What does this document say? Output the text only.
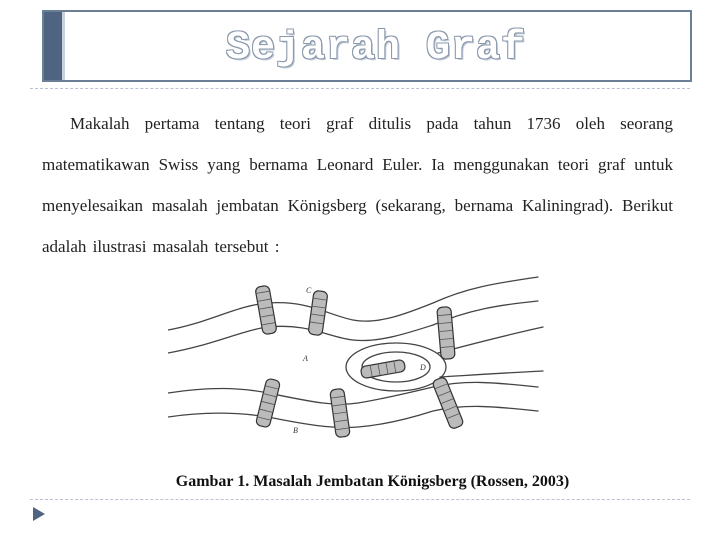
Sejarah Graf

Makalah pertama tentang teori graf ditulis pada tahun 1736 oleh seorang matematikawan Swiss yang bernama Leonard Euler. Ia menggunakan teori graf untuk menyelesaikan masalah jembatan Königsberg (sekarang, bernama Kaliningrad). Berikut adalah ilustrasi masalah tersebut :

C
A
D
B
Gambar 1. Masalah Jembatan Königsberg (Rossen, 2003)
